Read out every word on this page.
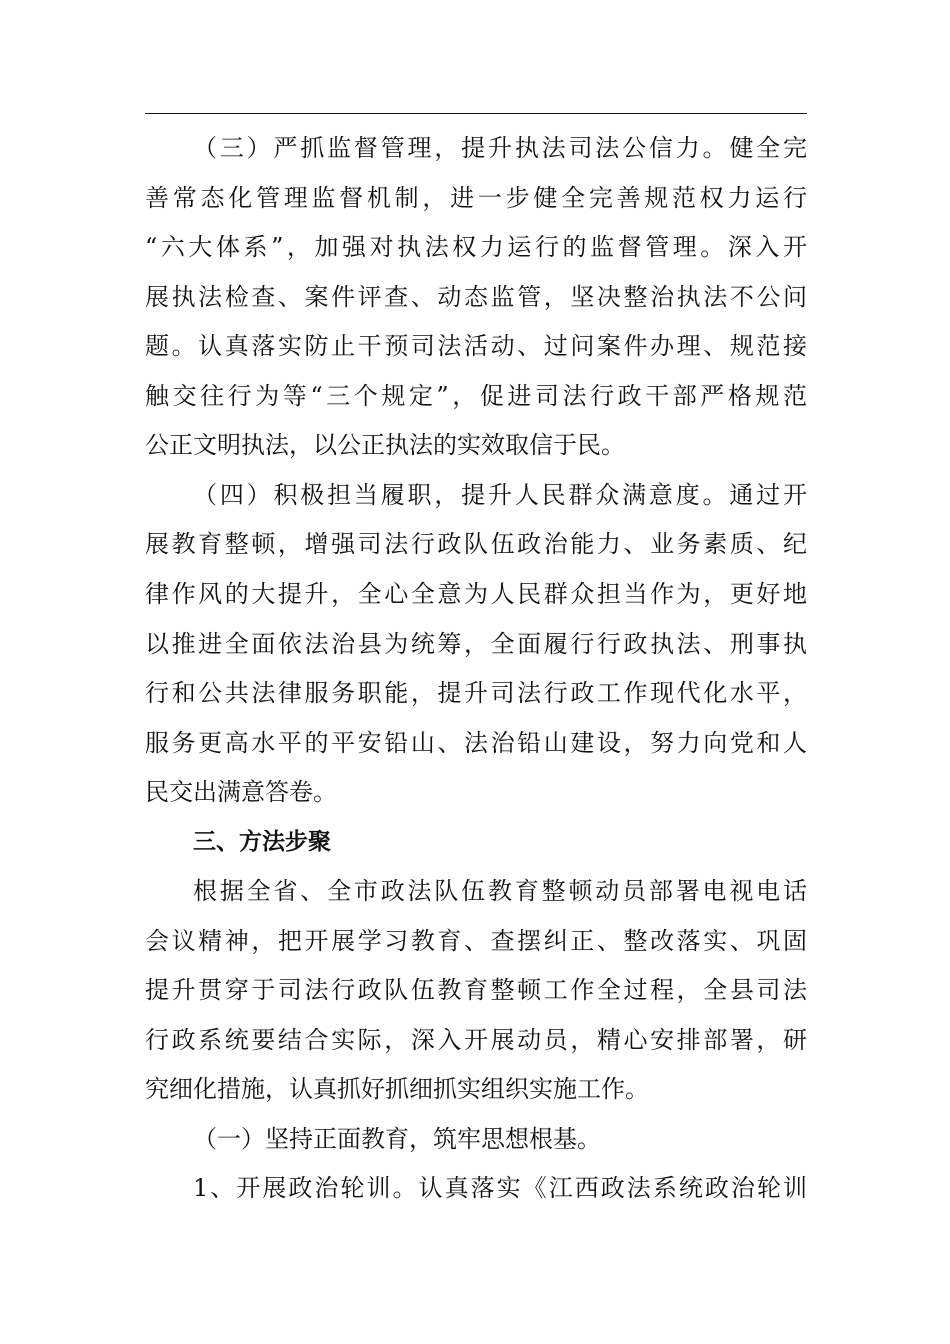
（三）严抓监督管理，提升执法司法公信力。健全完
善常态化管理监督机制，进一步健全完善规范权力运行
“六大体系”，加强对执法权力运行的监督管理。深入开
展执法检查、案件评查、动态监管，坚决整治执法不公问
题。认真落实防止干预司法活动、过问案件办理、规范接
触交往行为等“三个规定”，促进司法行政干部严格规范
公正文明执法，以公正执法的实效取信于民。
（四）积极担当履职，提升人民群众满意度。通过开
展教育整顿，增强司法行政队伍政治能力、业务素质、纪
律作风的大提升，全心全意为人民群众担当作为，更好地
以推进全面依法治县为统筹，全面履行行政执法、刑事执
行和公共法律服务职能，提升司法行政工作现代化水平，
服务更高水平的平安铅山、法治铅山建设，努力向党和人
民交出满意答卷。
三、方法步聚
根据全省、全市政法队伍教育整顿动员部署电视电话
会议精神，把开展学习教育、查摆纠正、整改落实、巩固
提升贯穿于司法行政队伍教育整顿工作全过程，全县司法
行政系统要结合实际，深入开展动员，精心安排部署，研
究细化措施，认真抓好抓细抓实组织实施工作。
（一）坚持正面教育，筑牢思想根基。
1、开展政治轮训。认真落实《江西政法系统政治轮训
